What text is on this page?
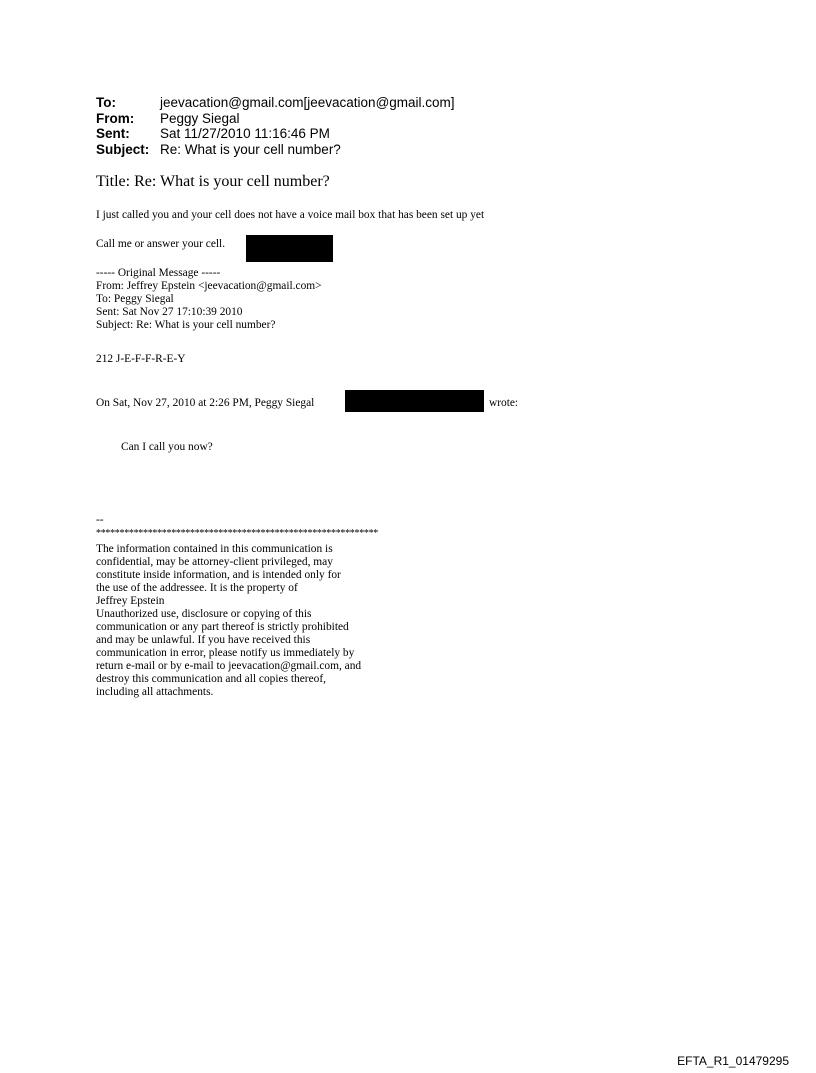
To:	jeevacation@gmail.com[jeevacation@gmail.com]
From:	Peggy Siegal
Sent:	Sat 11/27/2010 11:16:46 PM
Subject: Re: What is your cell number?
Title: Re: What is your cell number?
I just called you and your cell does not have a voice mail box that has been set up yet
Call me or answer your cell.
----- Original Message -----
From: Jeffrey Epstein <jeevacation@gmail.com>
To: Peggy Siegal
Sent: Sat Nov 27 17:10:39 2010
Subject: Re: What is your cell number?
212 J-E-F-F-R-E-Y
On Sat, Nov 27, 2010 at 2:26 PM, Peggy Siegal	wrote:
Can I call you now?
--
************************************************************
The information contained in this communication is
confidential, may be attorney-client privileged, may
constitute inside information, and is intended only for
the use of the addressee. It is the property of
Jeffrey Epstein
Unauthorized use, disclosure or copying of this
communication or any part thereof is strictly prohibited
and may be unlawful. If you have received this
communication in error, please notify us immediately by
return e-mail or by e-mail to jeevacation@gmail.com, and
destroy this communication and all copies thereof,
including all attachments.
EFTA_R1_01479295
